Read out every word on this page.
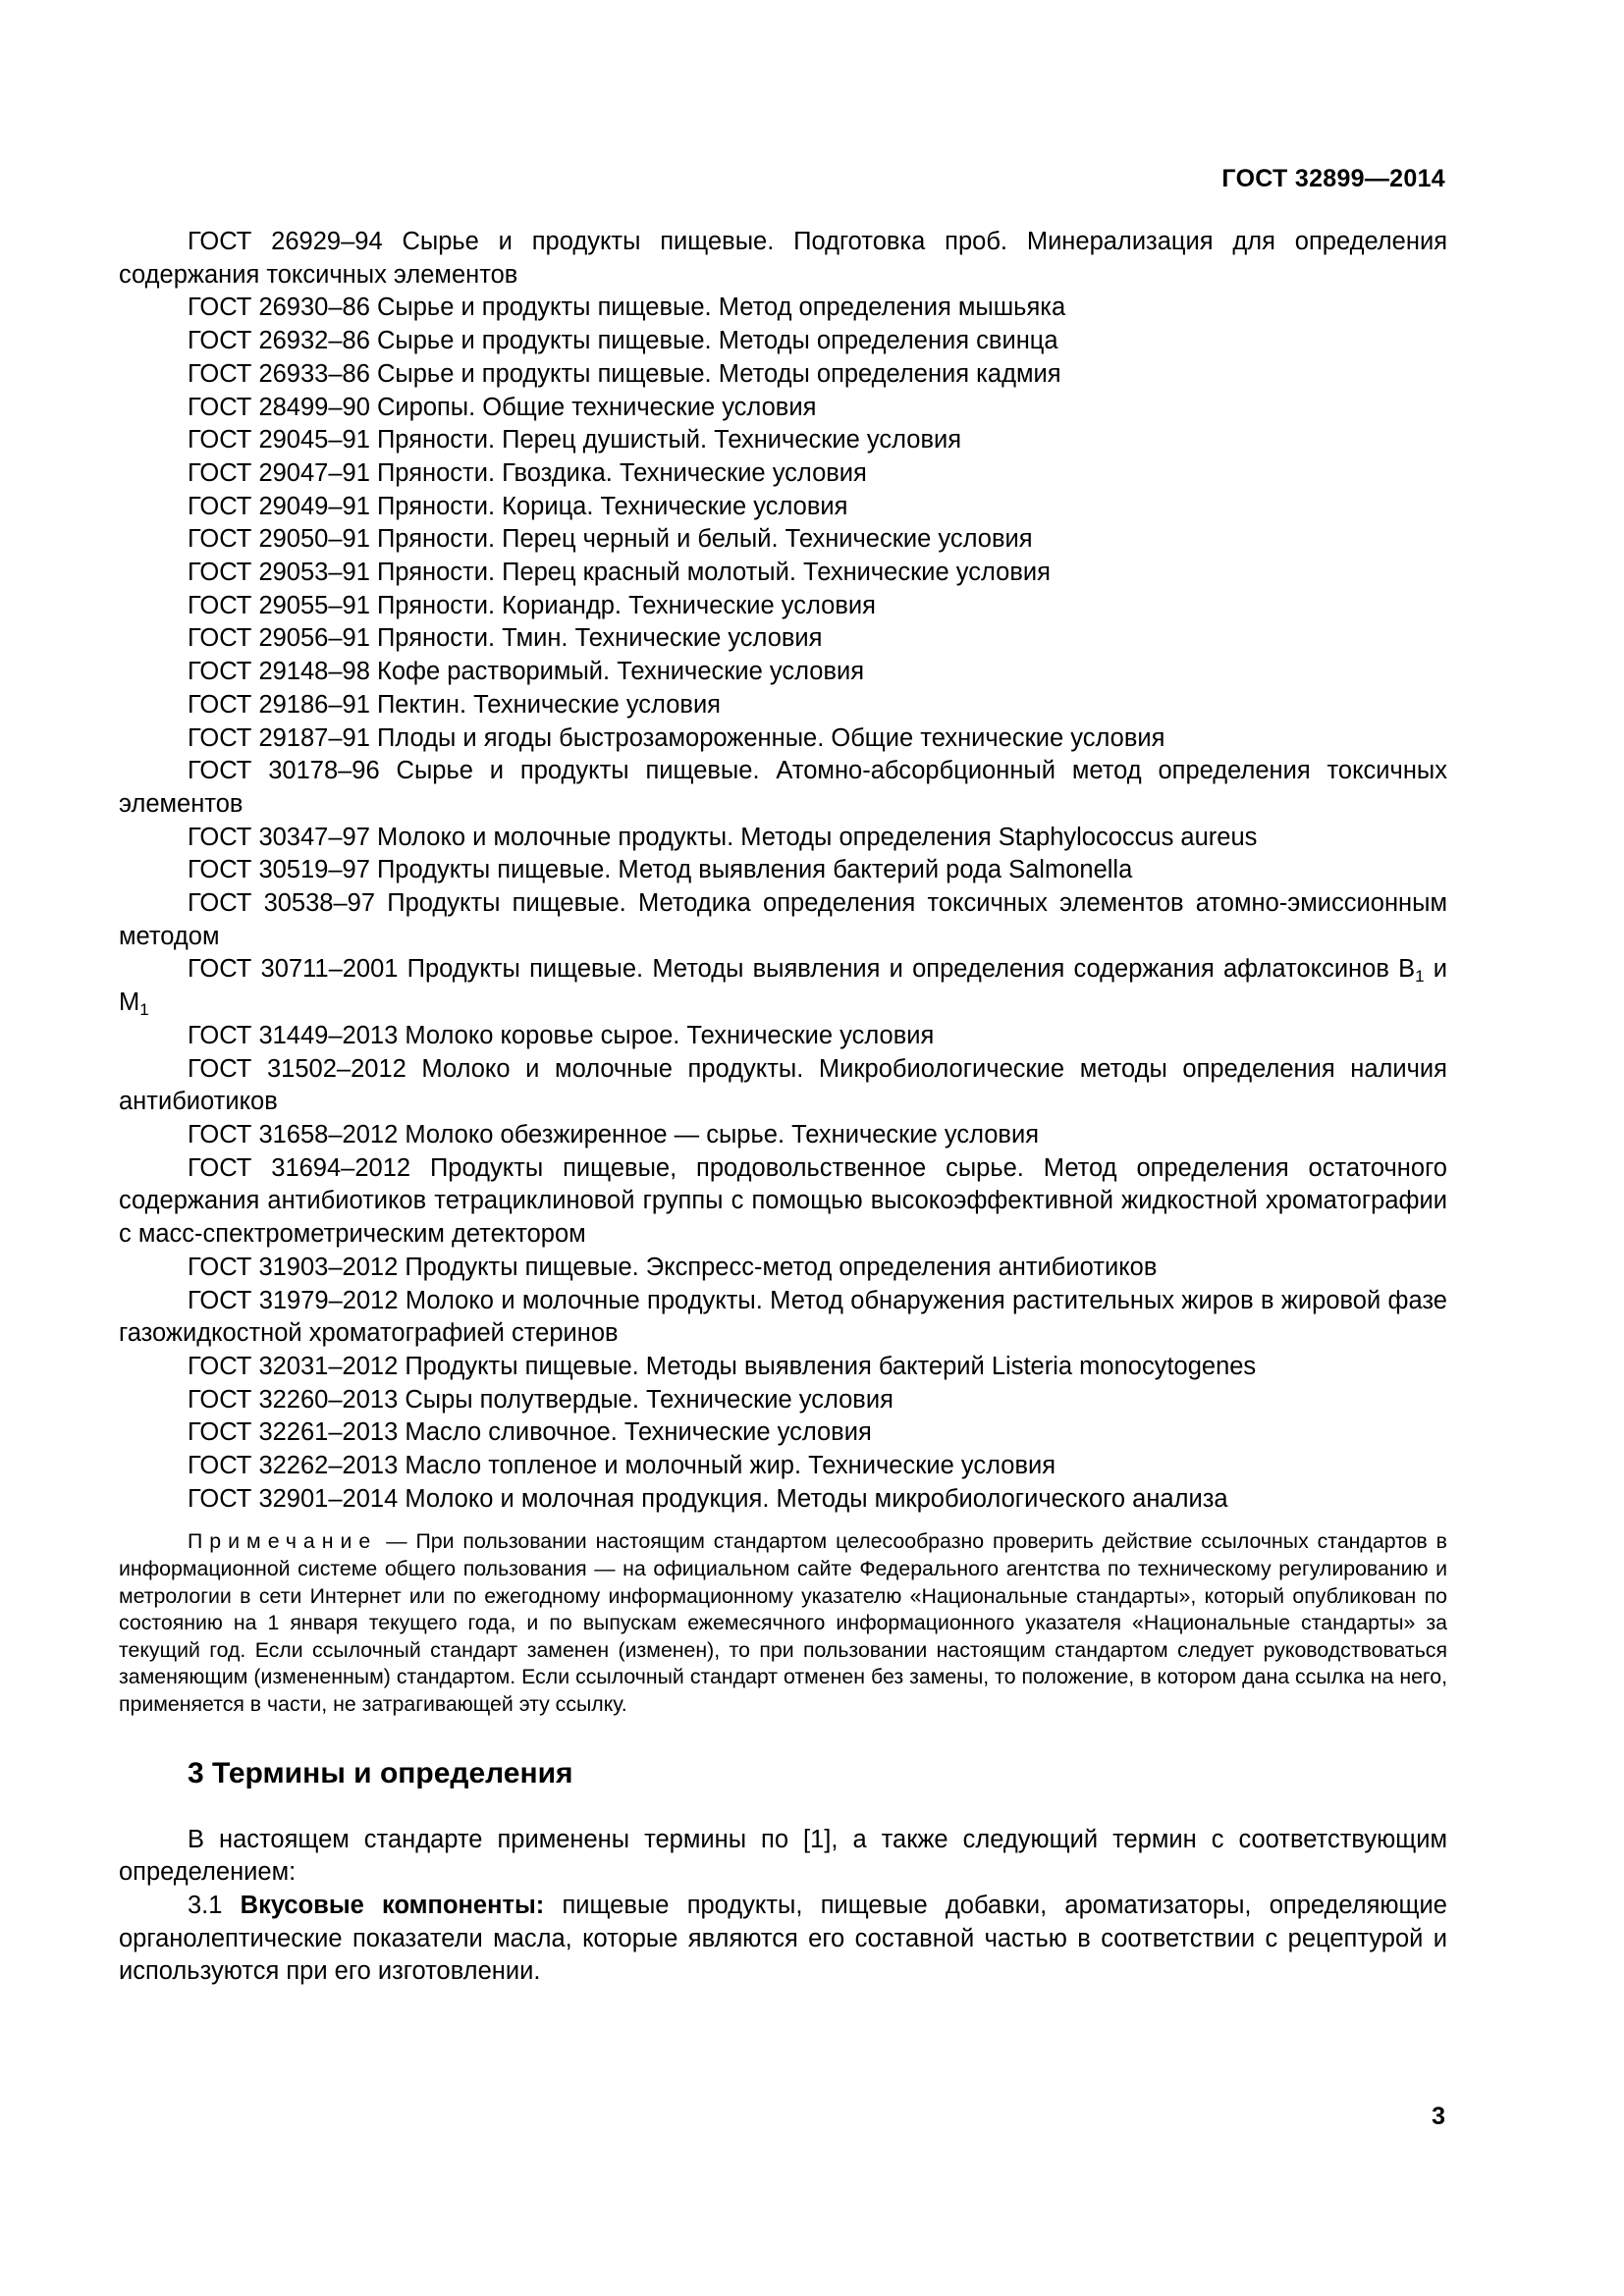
ГОСТ 32899—2014

ГОСТ 26929–94 Сырье и продукты пищевые. Подготовка проб. Минерализация для определения содержания токсичных элементов

ГОСТ 26930–86 Сырье и продукты пищевые. Метод определения мышьяка

ГОСТ 26932–86 Сырье и продукты пищевые. Методы определения свинца

ГОСТ 26933–86 Сырье и продукты пищевые. Методы определения кадмия

ГОСТ 28499–90 Сиропы. Общие технические условия

ГОСТ 29045–91 Пряности. Перец душистый. Технические условия

ГОСТ 29047–91 Пряности. Гвоздика. Технические условия

ГОСТ 29049–91 Пряности. Корица. Технические условия

ГОСТ 29050–91 Пряности. Перец черный и белый. Технические условия

ГОСТ 29053–91 Пряности. Перец красный молотый. Технические условия

ГОСТ 29055–91 Пряности. Кориандр. Технические условия

ГОСТ 29056–91 Пряности. Тмин. Технические условия

ГОСТ 29148–98 Кофе растворимый. Технические условия

ГОСТ 29186–91 Пектин. Технические условия

ГОСТ 29187–91 Плоды и ягоды быстрозамороженные. Общие технические условия

ГОСТ 30178–96 Сырье и продукты пищевые. Атомно-абсорбционный метод определения токсичных элементов

ГОСТ 30347–97 Молоко и молочные продукты. Методы определения Staphylococcus aureus

ГОСТ 30519–97 Продукты пищевые. Метод выявления бактерий рода Salmonella

ГОСТ 30538–97 Продукты пищевые. Методика определения токсичных элементов атомно-эмиссионным методом

ГОСТ 30711–2001 Продукты пищевые. Методы выявления и определения содержания афлатоксинов $В_1$ и $М_1$

ГОСТ 31449–2013 Молоко коровье сырое. Технические условия

ГОСТ 31502–2012 Молоко и молочные продукты. Микробиологические методы определения наличия антибиотиков

ГОСТ 31658–2012 Молоко обезжиренное — сырье. Технические условия

ГОСТ 31694–2012 Продукты пищевые, продовольственное сырье. Метод определения остаточного содержания антибиотиков тетрациклиновой группы с помощью высокоэффективной жидкостной хроматографии с масс-спектрометрическим детектором

ГОСТ 31903–2012 Продукты пищевые. Экспресс-метод определения антибиотиков

ГОСТ 31979–2012 Молоко и молочные продукты. Метод обнаружения растительных жиров в жировой фазе газожидкостной хроматографией стеринов

ГОСТ 32031–2012 Продукты пищевые. Методы выявления бактерий Listeria monocytogenes

ГОСТ 32260–2013 Сыры полутвердые. Технические условия

ГОСТ 32261–2013 Масло сливочное. Технические условия

ГОСТ 32262–2013 Масло топленое и молочный жир. Технические условия

ГОСТ 32901–2014 Молоко и молочная продукция. Методы микробиологического анализа

Примечание — При пользовании настоящим стандартом целесообразно проверить действие ссылочных стандартов в информационной системе общего пользования — на официальном сайте Федерального агентства по техническому регулированию и метрологии в сети Интернет или по ежегодному информационному указателю «Национальные стандарты», который опубликован по состоянию на 1 января текущего года, и по выпускам ежемесячного информационного указателя «Национальные стандарты» за текущий год. Если ссылочный стандарт заменен (изменен), то при пользовании настоящим стандартом следует руководствоваться заменяющим (измененным) стандартом. Если ссылочный стандарт отменен без замены, то положение, в котором дана ссылка на него, применяется в части, не затрагивающей эту ссылку.

3 Термины и определения

В настоящем стандарте применены термины по [1], а также следующий термин с соответствующим определением:

3.1 Вкусовые компоненты: пищевые продукты, пищевые добавки, ароматизаторы, определяющие органолептические показатели масла, которые являются его составной частью в соответствии с рецептурой и используются при его изготовлении.

3
